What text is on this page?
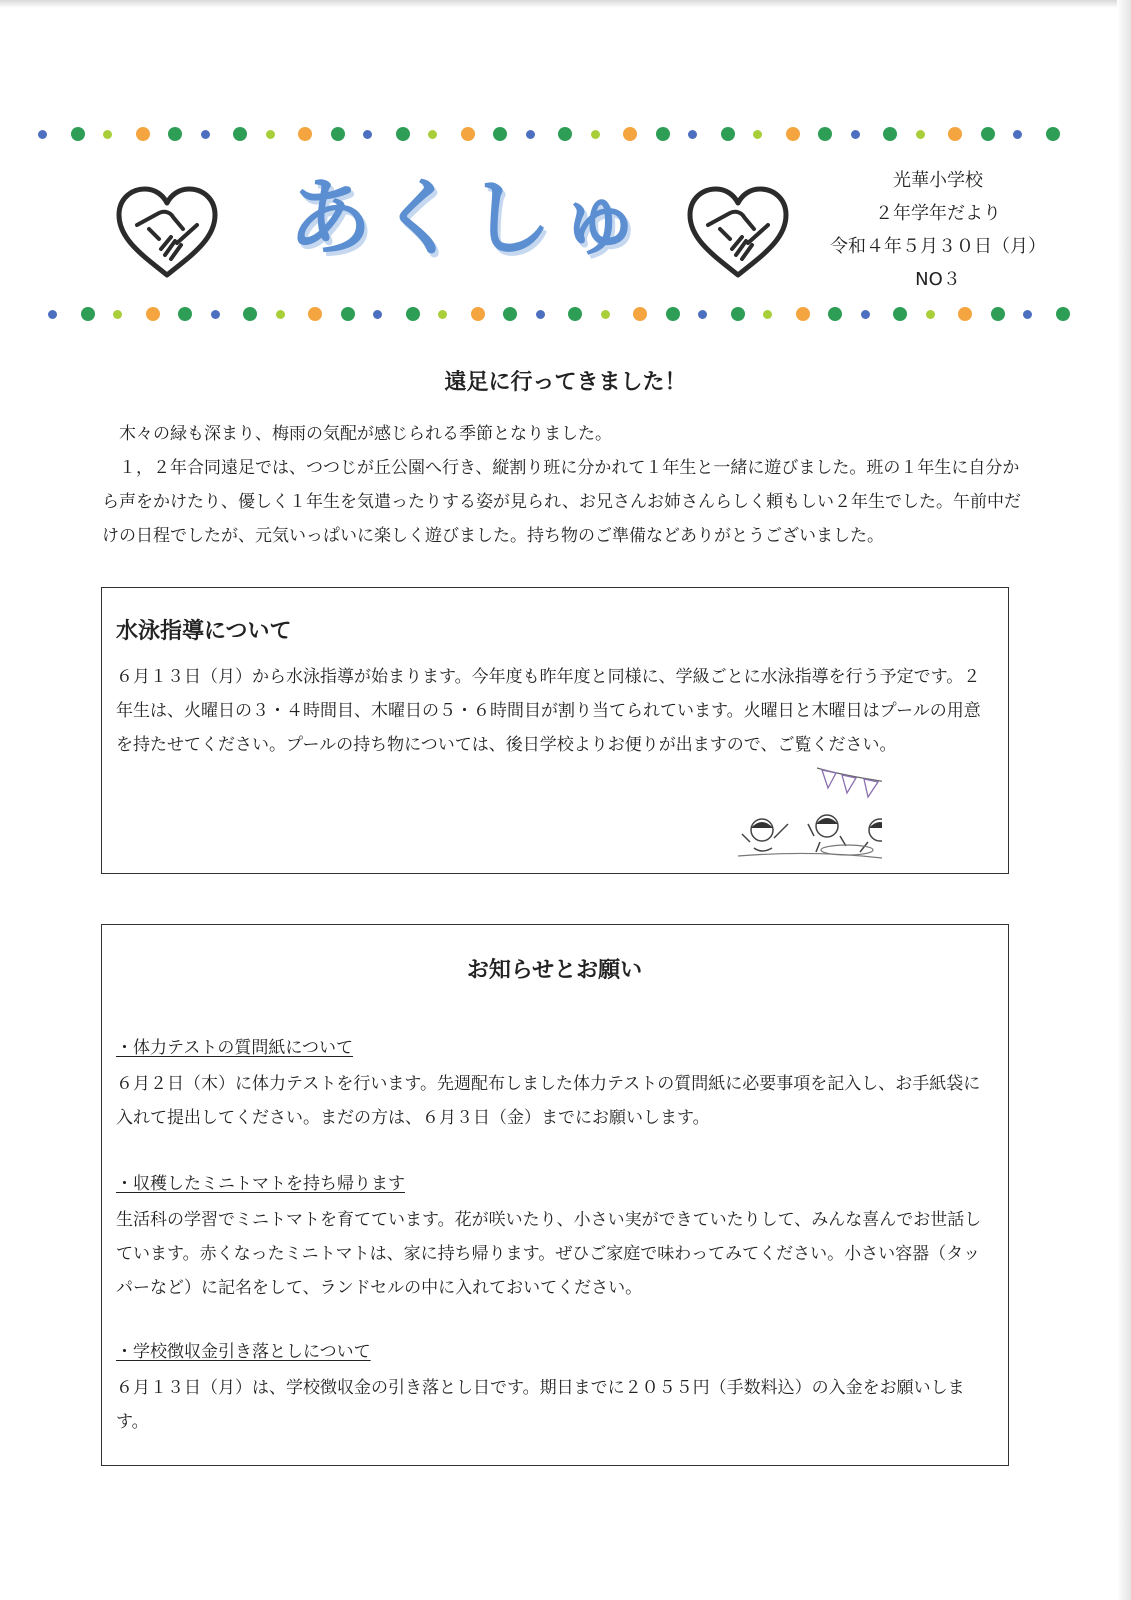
あくしゅ	光華小学校
２年学年だより
令和４年５月３０日（月）
NO３
遠足に行ってきました！

木々の緑も深まり、梅雨の気配が感じられる季節となりました。

１，２年合同遠足では、つつじが丘公園へ行き、縦割り班に分かれて１年生と一緒に遊びました。班の１年生に自分から声をかけたり、優しく１年生を気遣ったりする姿が見られ、お兄さんお姉さんらしく頼もしい２年生でした。午前中だけの日程でしたが、元気いっぱいに楽しく遊びました。持ち物のご準備などありがとうございました。

水泳指導について

６月１３日（月）から水泳指導が始まります。今年度も昨年度と同様に、学級ごとに水泳指導を行う予定です。２年生は、火曜日の３・４時間目、木曜日の５・６時間目が割り当てられています。火曜日と木曜日はプールの用意を持たせてください。プールの持ち物については、後日学校よりお便りが出ますので、ご覧ください。

お知らせとお願い
・体力テストの質問紙について

６月２日（木）に体力テストを行います。先週配布しました体力テストの質問紙に必要事項を記入し、お手紙袋に入れて提出してください。まだの方は、６月３日（金）までにお願いします。

・収穫したミニトマトを持ち帰ります

生活科の学習でミニトマトを育てています。花が咲いたり、小さい実ができていたりして、みんな喜んでお世話しています。赤くなったミニトマトは、家に持ち帰ります。ぜひご家庭で味わってみてください。小さい容器（タッパーなど）に記名をして、ランドセルの中に入れておいてください。

・学校徴収金引き落としについて

６月１３日（月）は、学校徴収金の引き落とし日です。期日までに２０５５円（手数料込）の入金をお願いします。
